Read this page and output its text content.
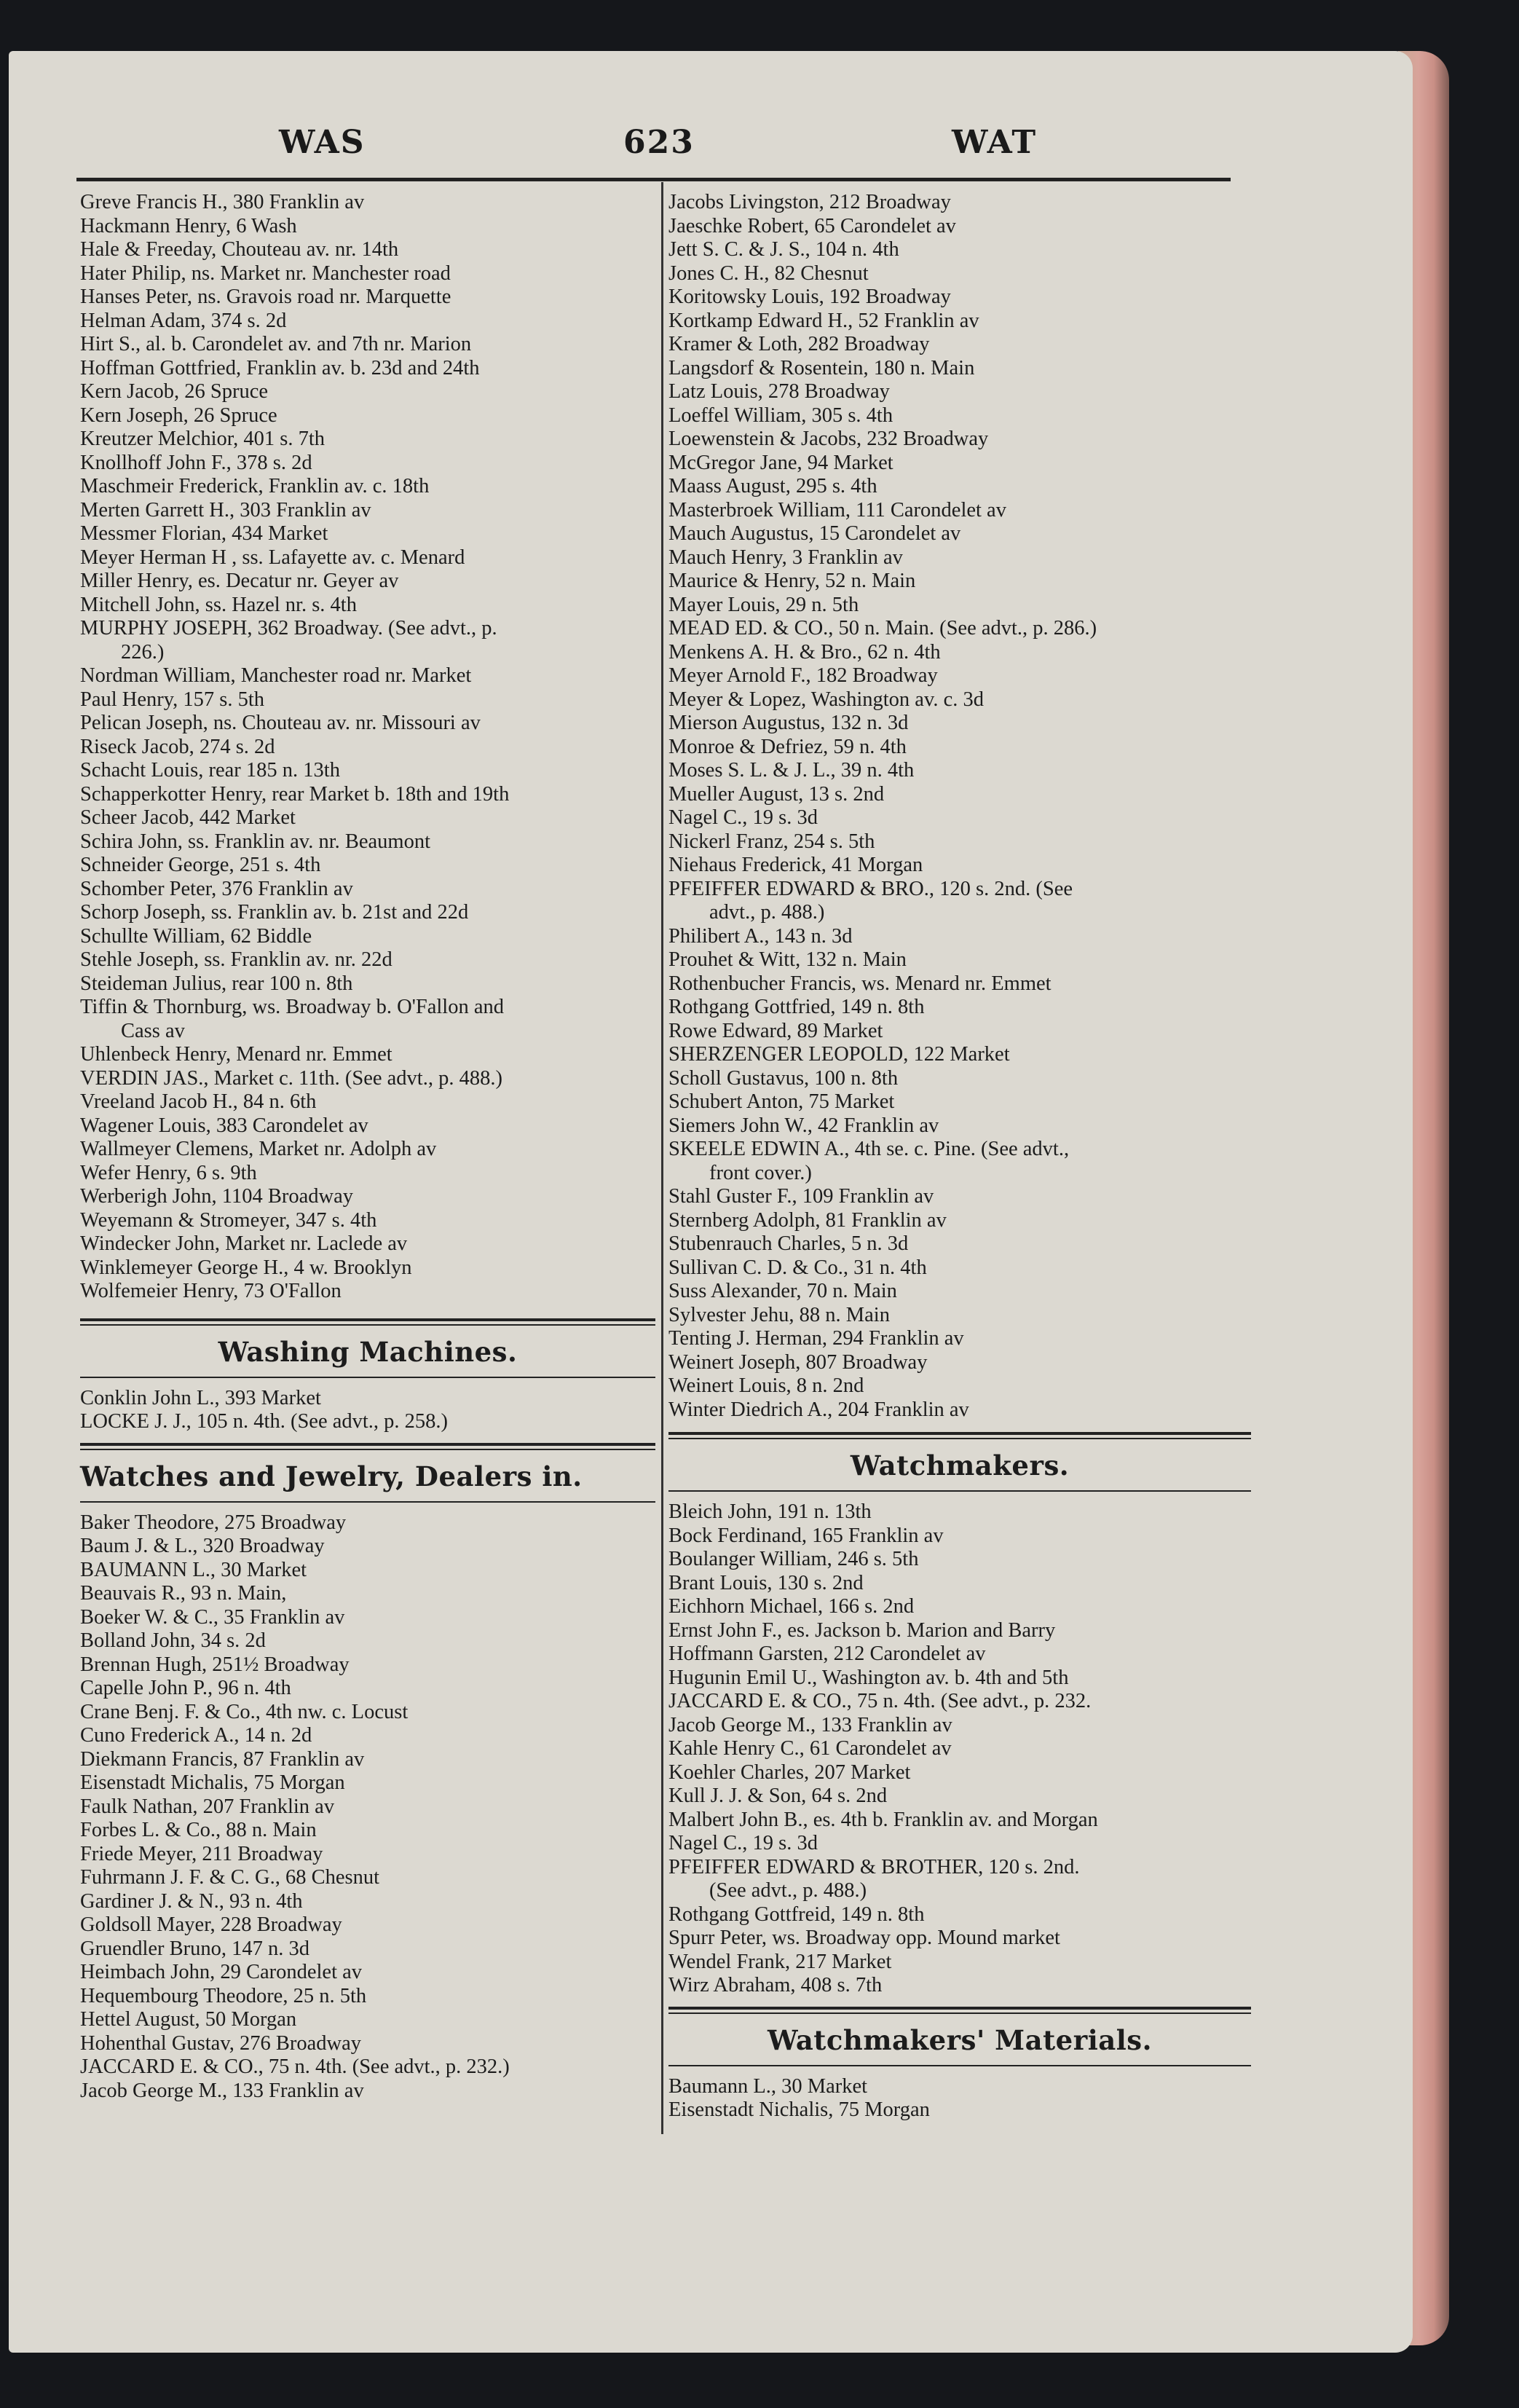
WAS	623	WAT
Greve Francis H., 380 Franklin av
Hackmann Henry, 6 Wash
Hale & Freeday, Chouteau av. nr. 14th
Hater Philip, ns. Market nr. Manchester road
Hanses Peter, ns. Gravois road nr. Marquette
Helman Adam, 374 s. 2d
Hirt S., al. b. Carondelet av. and 7th nr. Marion
Hoffman Gottfried, Franklin av. b. 23d and 24th
Kern Jacob, 26 Spruce
Kern Joseph, 26 Spruce
Kreutzer Melchior, 401 s. 7th
Knollhoff John F., 378 s. 2d
Maschmeir Frederick, Franklin av. c. 18th
Merten Garrett H., 303 Franklin av
Messmer Florian, 434 Market
Meyer Herman H , ss. Lafayette av. c. Menard
Miller Henry, es. Decatur nr. Geyer av
Mitchell John, ss. Hazel nr. s. 4th
MURPHY JOSEPH, 362 Broadway. (See advt., p.
226.)
Nordman William, Manchester road nr. Market
Paul Henry, 157 s. 5th
Pelican Joseph, ns. Chouteau av. nr. Missouri av
Riseck Jacob, 274 s. 2d
Schacht Louis, rear 185 n. 13th
Schapperkotter Henry, rear Market b. 18th and 19th
Scheer Jacob, 442 Market
Schira John, ss. Franklin av. nr. Beaumont
Schneider George, 251 s. 4th
Schomber Peter, 376 Franklin av
Schorp Joseph, ss. Franklin av. b. 21st and 22d
Schullte William, 62 Biddle
Stehle Joseph, ss. Franklin av. nr. 22d
Steideman Julius, rear 100 n. 8th
Tiffin & Thornburg, ws. Broadway b. O'Fallon and
Cass av
Uhlenbeck Henry, Menard nr. Emmet
VERDIN JAS., Market c. 11th. (See advt., p. 488.)
Vreeland Jacob H., 84 n. 6th
Wagener Louis, 383 Carondelet av
Wallmeyer Clemens, Market nr. Adolph av
Wefer Henry, 6 s. 9th
Werberigh John, 1104 Broadway
Weyemann & Stromeyer, 347 s. 4th
Windecker John, Market nr. Laclede av
Winklemeyer George H., 4 w. Brooklyn
Wolfemeier Henry, 73 O'Fallon
Washing Machines.
Conklin John L., 393 Market
LOCKE J. J., 105 n. 4th. (See advt., p. 258.)
Watches and Jewelry, Dealers in.
Baker Theodore, 275 Broadway
Baum J. & L., 320 Broadway
BAUMANN L., 30 Market
Beauvais R., 93 n. Main,
Boeker W. & C., 35 Franklin av
Bolland John, 34 s. 2d
Brennan Hugh, 251½ Broadway
Capelle John P., 96 n. 4th
Crane Benj. F. & Co., 4th nw. c. Locust
Cuno Frederick A., 14 n. 2d
Diekmann Francis, 87 Franklin av
Eisenstadt Michalis, 75 Morgan
Faulk Nathan, 207 Franklin av
Forbes L. & Co., 88 n. Main
Friede Meyer, 211 Broadway
Fuhrmann J. F. & C. G., 68 Chesnut
Gardiner J. & N., 93 n. 4th
Goldsoll Mayer, 228 Broadway
Gruendler Bruno, 147 n. 3d
Heimbach John, 29 Carondelet av
Hequembourg Theodore, 25 n. 5th
Hettel August, 50 Morgan
Hohenthal Gustav, 276 Broadway
JACCARD E. & CO., 75 n. 4th. (See advt., p. 232.)
Jacob George M., 133 Franklin av
Jacobs Livingston, 212 Broadway
Jaeschke Robert, 65 Carondelet av
Jett S. C. & J. S., 104 n. 4th
Jones C. H., 82 Chesnut
Koritowsky Louis, 192 Broadway
Kortkamp Edward H., 52 Franklin av
Kramer & Loth, 282 Broadway
Langsdorf & Rosentein, 180 n. Main
Latz Louis, 278 Broadway
Loeffel William, 305 s. 4th
Loewenstein & Jacobs, 232 Broadway
McGregor Jane, 94 Market
Maass August, 295 s. 4th
Masterbroek William, 111 Carondelet av
Mauch Augustus, 15 Carondelet av
Mauch Henry, 3 Franklin av
Maurice & Henry, 52 n. Main
Mayer Louis, 29 n. 5th
MEAD ED. & CO., 50 n. Main. (See advt., p. 286.)
Menkens A. H. & Bro., 62 n. 4th
Meyer Arnold F., 182 Broadway
Meyer & Lopez, Washington av. c. 3d
Mierson Augustus, 132 n. 3d
Monroe & Defriez, 59 n. 4th
Moses S. L. & J. L., 39 n. 4th
Mueller August, 13 s. 2nd
Nagel C., 19 s. 3d
Nickerl Franz, 254 s. 5th
Niehaus Frederick, 41 Morgan
PFEIFFER EDWARD & BRO., 120 s. 2nd. (See
advt., p. 488.)
Philibert A., 143 n. 3d
Prouhet & Witt, 132 n. Main
Rothenbucher Francis, ws. Menard nr. Emmet
Rothgang Gottfried, 149 n. 8th
Rowe Edward, 89 Market
SHERZENGER LEOPOLD, 122 Market
Scholl Gustavus, 100 n. 8th
Schubert Anton, 75 Market
Siemers John W., 42 Franklin av
SKEELE EDWIN A., 4th se. c. Pine. (See advt.,
front cover.)
Stahl Guster F., 109 Franklin av
Sternberg Adolph, 81 Franklin av
Stubenrauch Charles, 5 n. 3d
Sullivan C. D. & Co., 31 n. 4th
Suss Alexander, 70 n. Main
Sylvester Jehu, 88 n. Main
Tenting J. Herman, 294 Franklin av
Weinert Joseph, 807 Broadway
Weinert Louis, 8 n. 2nd
Winter Diedrich A., 204 Franklin av
Watchmakers.
Bleich John, 191 n. 13th
Bock Ferdinand, 165 Franklin av
Boulanger William, 246 s. 5th
Brant Louis, 130 s. 2nd
Eichhorn Michael, 166 s. 2nd
Ernst John F., es. Jackson b. Marion and Barry
Hoffmann Garsten, 212 Carondelet av
Hugunin Emil U., Washington av. b. 4th and 5th
JACCARD E. & CO., 75 n. 4th. (See advt., p. 232.
Jacob George M., 133 Franklin av
Kahle Henry C., 61 Carondelet av
Koehler Charles, 207 Market
Kull J. J. & Son, 64 s. 2nd
Malbert John B., es. 4th b. Franklin av. and Morgan
Nagel C., 19 s. 3d
PFEIFFER EDWARD & BROTHER, 120 s. 2nd.
(See advt., p. 488.)
Rothgang Gottfreid, 149 n. 8th
Spurr Peter, ws. Broadway opp. Mound market
Wendel Frank, 217 Market
Wirz Abraham, 408 s. 7th
Watchmakers' Materials.
Baumann L., 30 Market
Eisenstadt Nichalis, 75 Morgan
